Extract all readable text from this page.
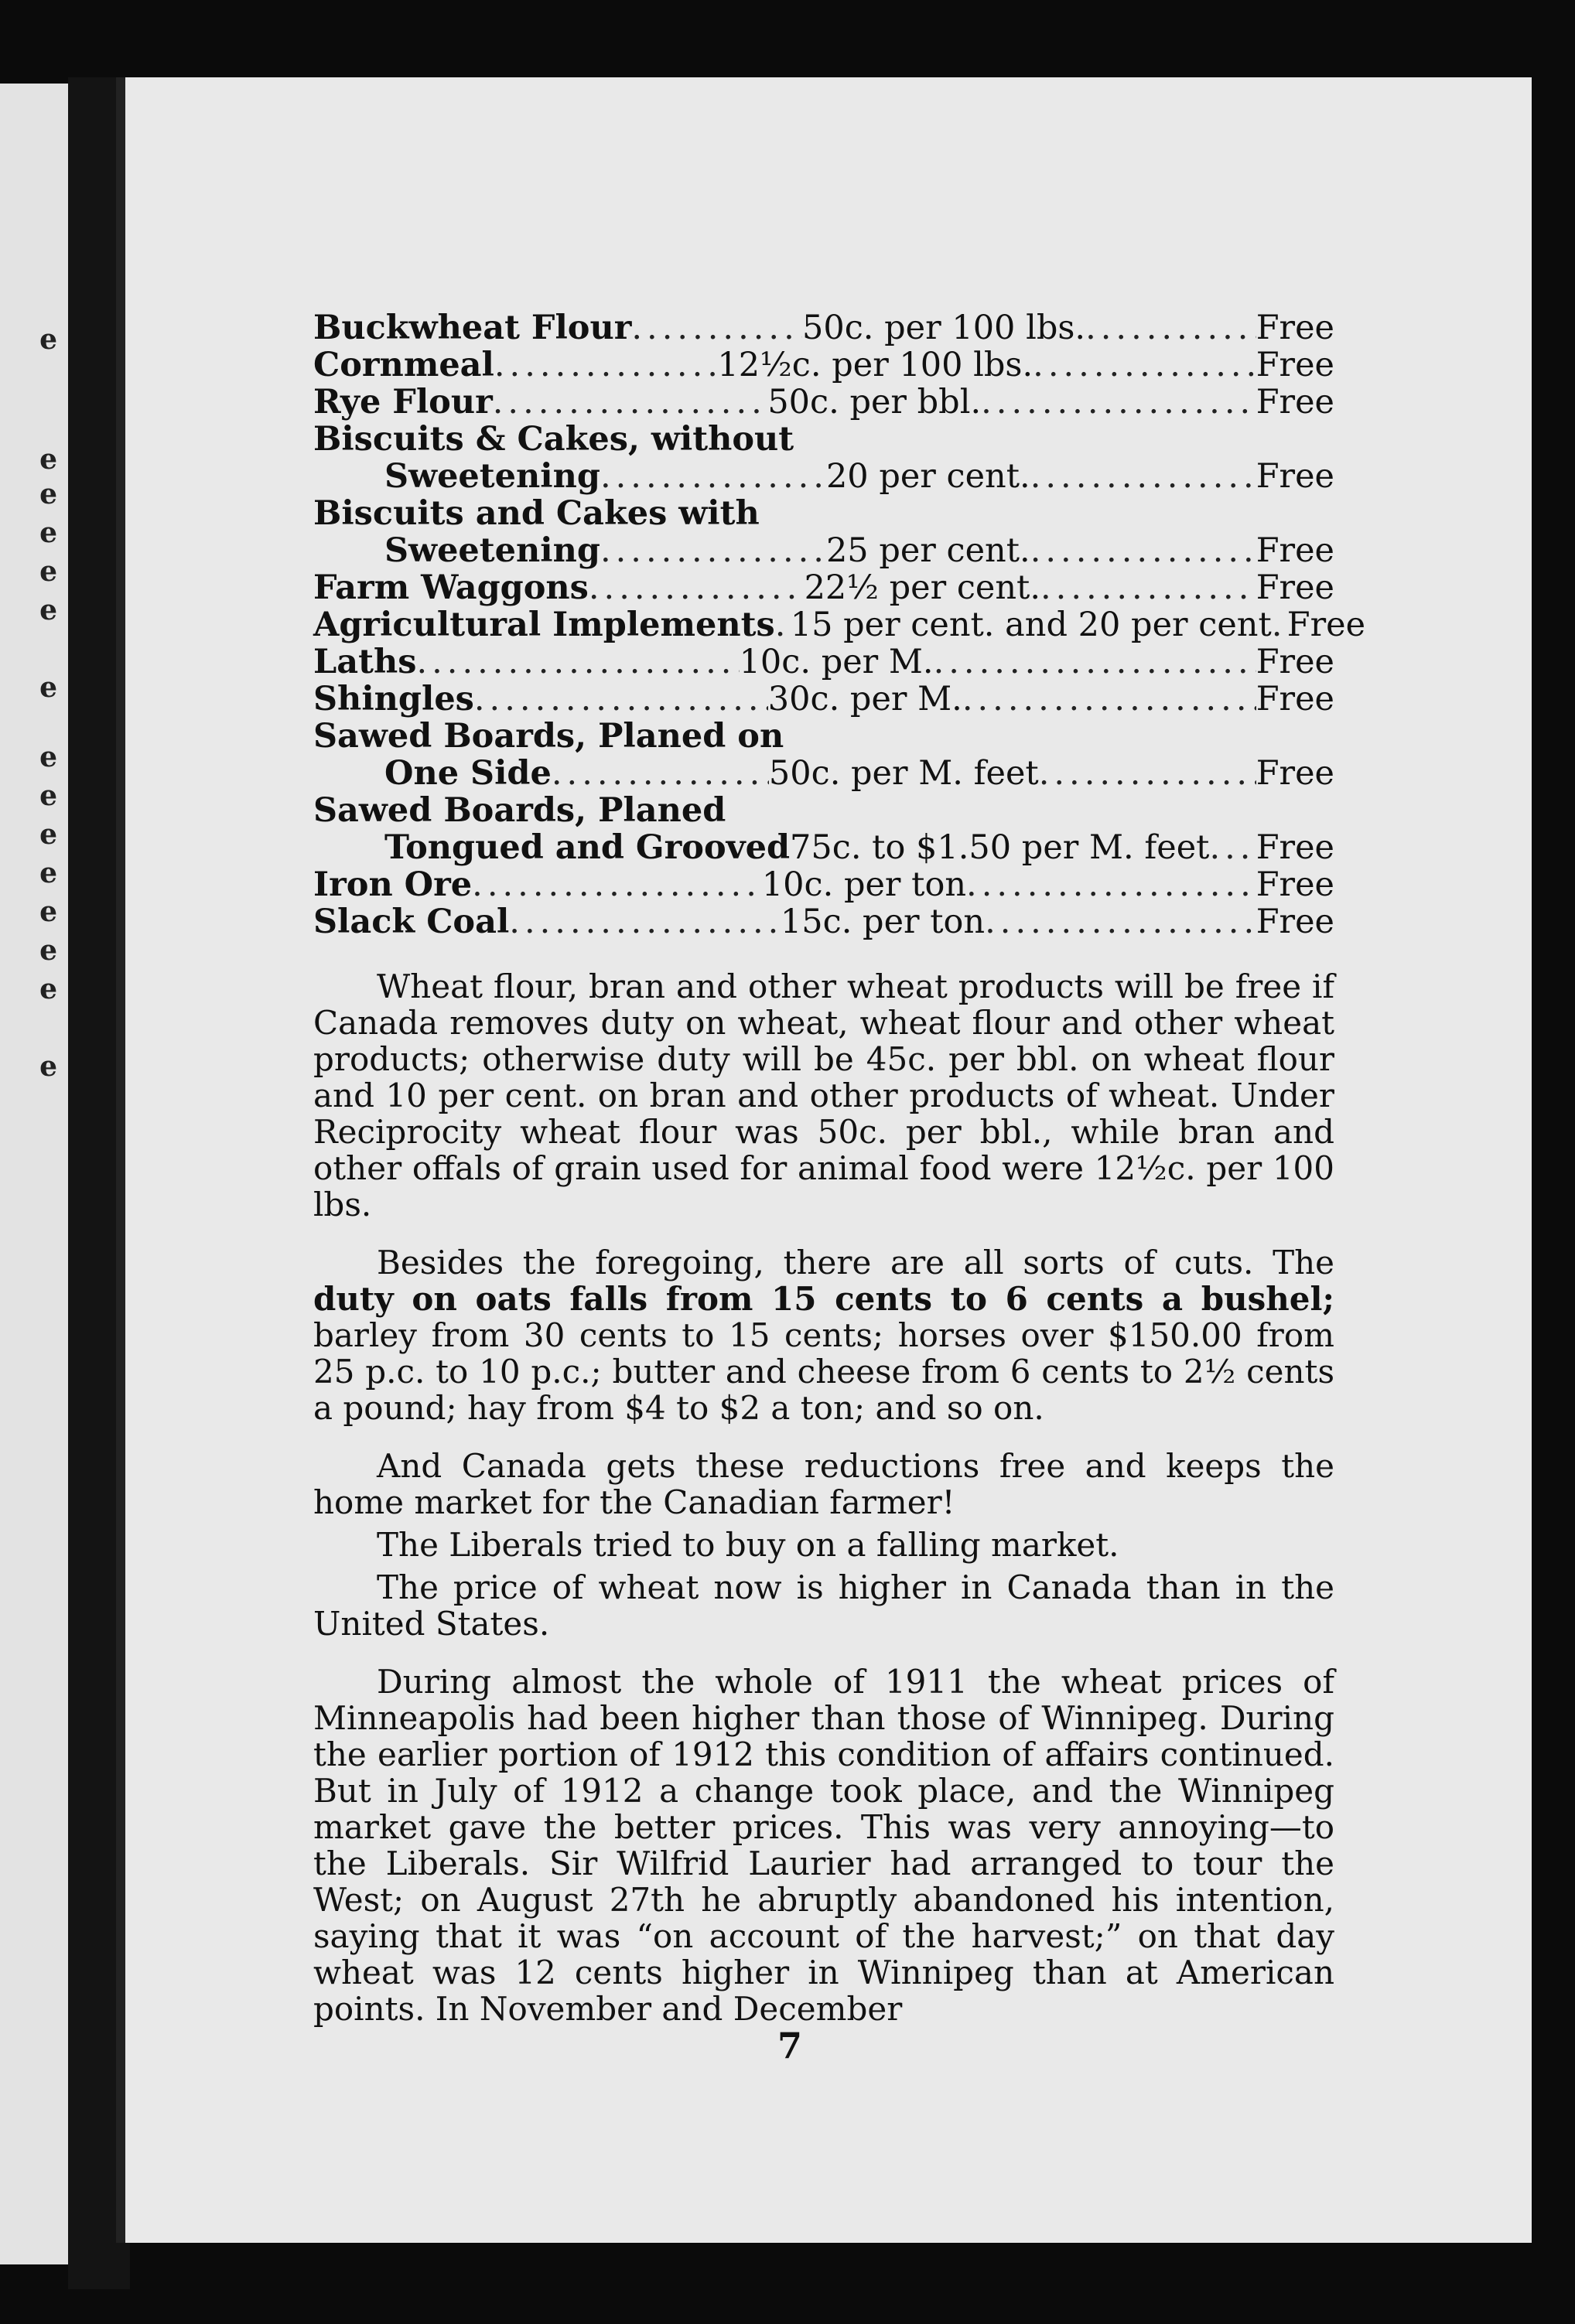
e
e
e
e
e
e
e
e
e
e
e
e
e
e
e
Buckwheat Flour .....	50c. per 100 lbs. .....	Free
Cornmeal .....	12½c. per 100 lbs. .....	Free
Rye Flour .....	50c. per bbl. .....	Free
Biscuits & Cakes, without
Sweetening .....	20 per cent. .....	Free
Biscuits and Cakes with
Sweetening .....	25 per cent. .....	Free
Farm Waggons .....	22½ per cent. .....	Free
Agricultural Implements ..... 15 per cent. and 20 per cent ..... Free
Laths .....	10c. per M. .....	Free
Shingles .....	30c. per M. .....	Free
Sawed Boards, Planed on
One Side .....	50c. per M. feet .....	Free
Sawed Boards, Planed
Tongued and Grooved 75c. to $1.50 per M. feet ..... Free
Iron Ore .....	10c. per ton .....	Free
Slack Coal .....	15c. per ton .....	Free

Wheat flour, bran and other wheat products will be free if Canada removes duty on wheat, wheat flour and other wheat products; otherwise duty will be 45c. per bbl. on wheat flour and 10 per cent. on bran and other products of wheat. Under Reciprocity wheat flour was 50c. per bbl., while bran and other offals of grain used for animal food were 12½c. per 100 lbs.

Besides the foregoing, there are all sorts of cuts. The duty on oats falls from 15 cents to 6 cents a bushel; barley from 30 cents to 15 cents; horses over $150.00 from 25 p.c. to 10 p.c.; butter and cheese from 6 cents to 2½ cents a pound; hay from $4 to $2 a ton; and so on.

And Canada gets these reductions free and keeps the home market for the Canadian farmer!

The Liberals tried to buy on a falling market.

The price of wheat now is higher in Canada than in the United States.

During almost the whole of 1911 the wheat prices of Minneapolis had been higher than those of Winnipeg. During the earlier portion of 1912 this condition of affairs continued. But in July of 1912 a change took place, and the Winnipeg market gave the better prices. This was very annoying—to the Liberals. Sir Wilfrid Laurier had arranged to tour the West; on August 27th he abruptly abandoned his intention, saying that it was “on account of the harvest;” on that day wheat was 12 cents higher in Winnipeg than at American points. In November and December

7
